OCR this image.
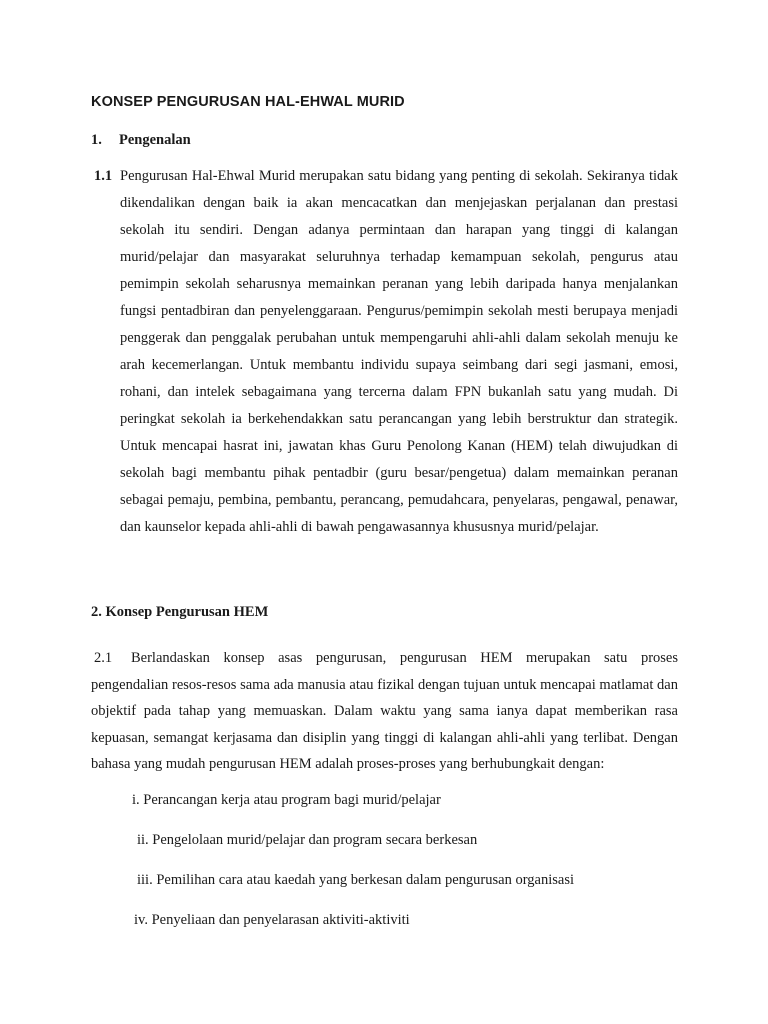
KONSEP PENGURUSAN HAL-EHWAL MURID
1. Pengenalan
1.1 Pengurusan Hal-Ehwal Murid merupakan satu bidang yang penting di sekolah. Sekiranya tidak dikendalikan dengan baik ia akan mencacatkan dan menjejaskan perjalanan dan prestasi sekolah itu sendiri. Dengan adanya permintaan dan harapan yang tinggi di kalangan murid/pelajar dan masyarakat seluruhnya terhadap kemampuan sekolah, pengurus atau pemimpin sekolah seharusnya memainkan peranan yang lebih daripada hanya menjalankan fungsi pentadbiran dan penyelenggaraan. Pengurus/pemimpin sekolah mesti berupaya menjadi penggerak dan penggalak perubahan untuk mempengaruhi ahli-ahli dalam sekolah menuju ke arah kecemerlangan. Untuk membantu individu supaya seimbang dari segi jasmani, emosi, rohani, dan intelek sebagaimana yang tercerna dalam FPN bukanlah satu yang mudah. Di peringkat sekolah ia berkehendakkan satu perancangan yang lebih berstruktur dan strategik. Untuk mencapai hasrat ini, jawatan khas Guru Penolong Kanan (HEM) telah diwujudkan di sekolah bagi membantu pihak pentadbir (guru besar/pengetua) dalam memainkan peranan sebagai pemaju, pembina, pembantu, perancang, pemudahcara, penyelaras, pengawal, penawar, dan kaunselor kepada ahli-ahli di bawah pengawasannya khususnya murid/pelajar.
2. Konsep Pengurusan HEM
2.1 Berlandaskan konsep asas pengurusan, pengurusan HEM merupakan satu proses pengendalian resos-resos sama ada manusia atau fizikal dengan tujuan untuk mencapai matlamat dan objektif pada tahap yang memuaskan. Dalam waktu yang sama ianya dapat memberikan rasa kepuasan, semangat kerjasama dan disiplin yang tinggi di kalangan ahli-ahli yang terlibat. Dengan bahasa yang mudah pengurusan HEM adalah proses-proses yang berhubungkait dengan:
i. Perancangan kerja atau program bagi murid/pelajar
ii. Pengelolaan murid/pelajar dan program secara berkesan
iii. Pemilihan cara atau kaedah yang berkesan dalam pengurusan organisasi
iv. Penyeliaan dan penyelarasan aktiviti-aktiviti
